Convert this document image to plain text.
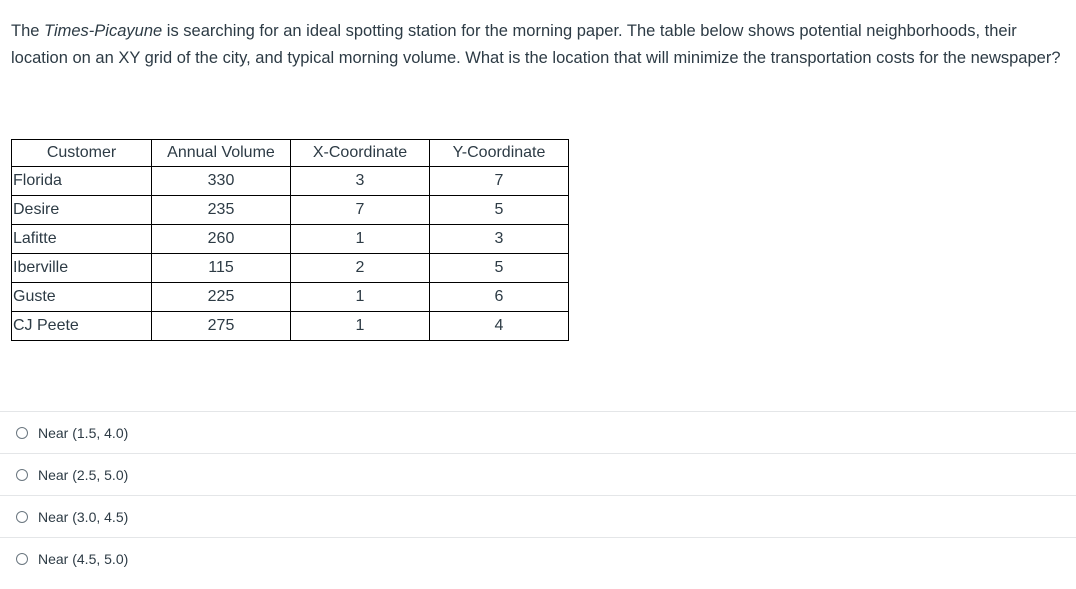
The Times-Picayune is searching for an ideal spotting station for the morning paper. The table below shows potential neighborhoods, their location on an XY grid of the city, and typical morning volume. What is the location that will minimize the transportation costs for the newspaper?
Customer	Annual Volume	X-Coordinate	Y-Coordinate
Florida	330	3	7
Desire	235	7	5
Lafitte	260	1	3
Iberville	115	2	5
Guste	225	1	6
CJ Peete	275	1	4
Near (1.5, 4.0)
Near (2.5, 5.0)
Near (3.0, 4.5)
Near (4.5, 5.0)
